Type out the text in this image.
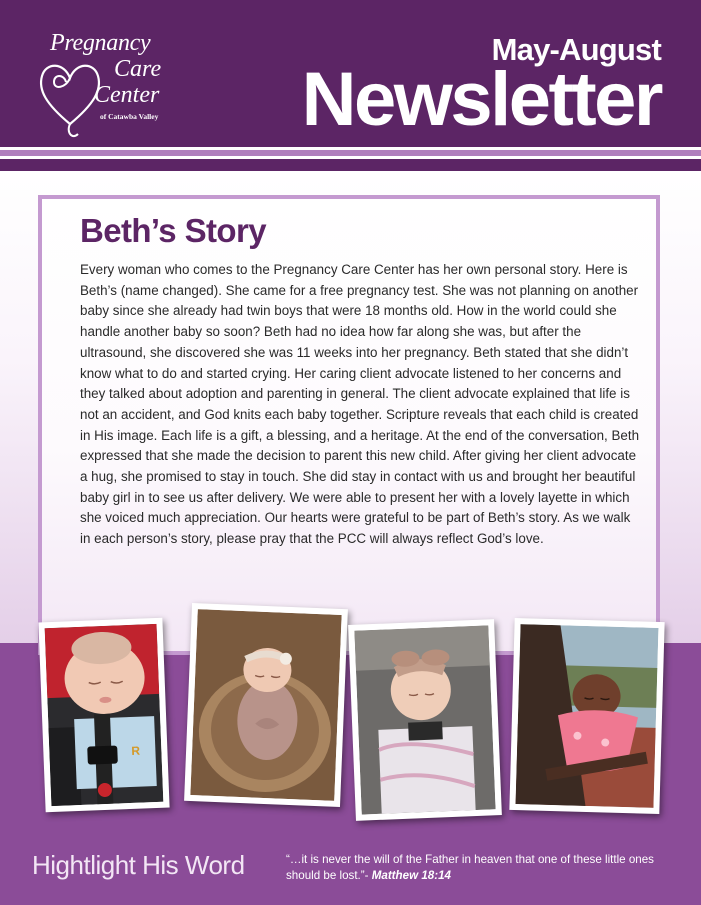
Pregnancy
Care
Center
of Catawba Valley
May-August
Newsletter
Beth’s Story

Every woman who comes to the Pregnancy Care Center has her own personal story. Here is Beth’s (name changed). She came for a free pregnancy test. She was not planning on another baby since she already had twin boys that were 18 months old. How in the world could she handle another baby so soon? Beth had no idea how far along she was, but after the ultrasound, she discovered she was 11 weeks into her pregnancy. Beth stated that she didn’t know what to do and started crying. Her caring client advocate listened to her concerns and they talked about adoption and parenting in general. The client advocate explained that life is not an accident, and God knits each baby together. Scripture reveals that each child is created in His image. Each life is a gift, a blessing, and a heritage. At the end of the conversation, Beth expressed that she made the decision to parent this new child. After giving her client advocate a hug, she promised to stay in touch. She did stay in contact with us and brought her beautiful baby girl in to see us after delivery. We were able to present her with a lovely layette in which she voiced much appreciation. Our hearts were grateful to be part of Beth’s story. As we walk in each person’s story, please pray that the PCC will always reflect God’s love.

R
Hightlight His Word	“…it is never the will of the Father in heaven that one of these little ones should be lost.”- Matthew 18:14
